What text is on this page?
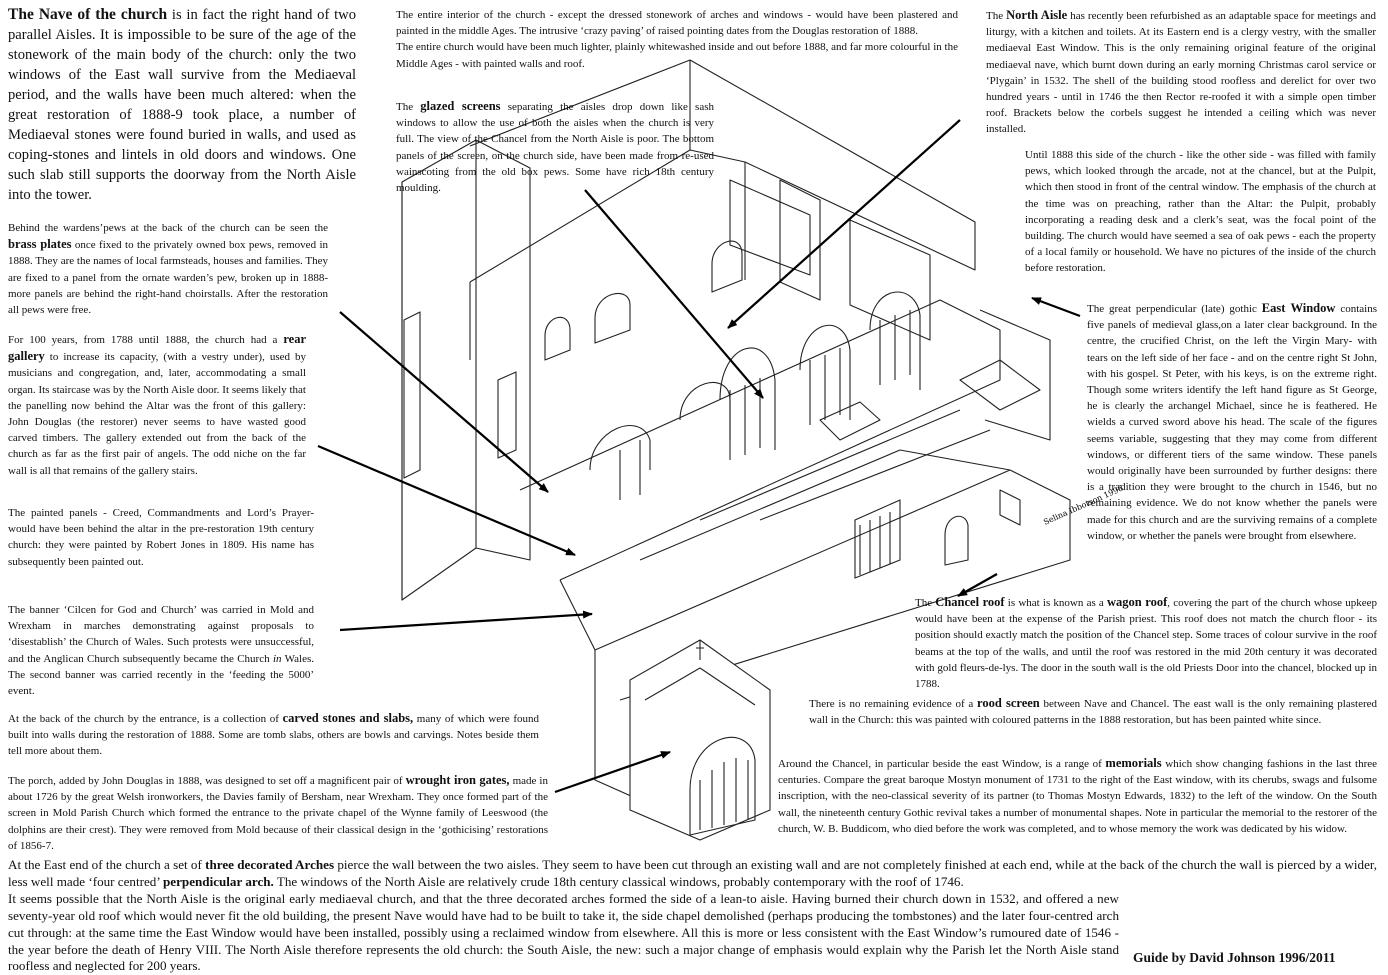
Selina Ibbotson 1996

The Nave of the church is in fact the right hand of two parallel Aisles. It is impossible to be sure of the age of the stonework of the main body of the church: only the two windows of the East wall survive from the Mediaeval period, and the walls have been much altered: when the great restoration of 1888-9 took place, a number of Mediaeval stones were found buried in walls, and used as coping-stones and lintels in old doors and windows. One such slab still supports the doorway from the North Aisle into the tower.

The entire interior of the church - except the dressed stonework of arches and windows - would have been plastered and painted in the middle Ages. The intrusive ‘crazy paving’ of raised pointing dates from the Douglas restoration of 1888.
The entire church would have been much lighter, plainly whitewashed inside and out before 1888, and far more colourful in the Middle Ages - with painted walls and roof.

The North Aisle has recently been refurbished as an adaptable space for meetings and liturgy, with a kitchen and toilets. At its Eastern end is a clergy vestry, with the smaller mediaeval East Window. This is the only remaining original feature of the original mediaeval nave, which burnt down during an early morning Christmas carol service or ‘Plygain’ in 1532. The shell of the building stood roofless and derelict for over two hundred years - until in 1746 the then Rector re-roofed it with a simple open timber roof. Brackets below the corbels suggest he intended a ceiling which was never installed.

The glazed screens separating the aisles drop down like sash windows to allow the use of both the aisles when the church is very full. The view of the Chancel from the North Aisle is poor. The bottom panels of the screen, on the church side, have been made from re-used wainscoting from the old box pews. Some have rich 18th century moulding.

Until 1888 this side of the church - like the other side - was filled with family pews, which looked through the arcade, not at the chancel, but at the Pulpit, which then stood in front of the central window. The emphasis of the church at the time was on preaching, rather than the Altar: the Pulpit, probably incorporating a reading desk and a clerk’s seat, was the focal point of the building. The church would have seemed a sea of oak pews - each the property of a local family or household. We have no pictures of the inside of the church before restoration.

Behind the wardens’pews at the back of the church can be seen the brass plates once fixed to the privately owned box pews, removed in 1888. They are the names of local farmsteads, houses and families. They are fixed to a panel from the ornate warden’s pew, broken up in 1888- more panels are behind the right-hand choirstalls. After the restoration all pews were free.

For 100 years, from 1788 until 1888, the church had a rear gallery to increase its capacity, (with a vestry under), used by musicians and congregation, and, later, accommodating a small organ. Its staircase was by the North Aisle door. It seems likely that the panelling now behind the Altar was the front of this gallery: John Douglas (the restorer) never seems to have wasted good carved timbers. The gallery extended out from the back of the church as far as the first pair of angels. The odd niche on the far wall is all that remains of the gallery stairs.

The great perpendicular (late) gothic East Window contains five panels of medieval glass,on a later clear background. In the centre, the crucified Christ, on the left the Virgin Mary- with tears on the left side of her face - and on the centre right St John, with his gospel. St Peter, with his keys, is on the extreme right. Though some writers identify the left hand figure as St George, he is clearly the archangel Michael, since he is feathered. He wields a curved sword above his head. The scale of the figures seems variable, suggesting that they may come from different windows, or different tiers of the same window. These panels would originally have been surrounded by further designs: there is a tradition they were brought to the church in 1546, but no remaining evidence. We do not know whether the panels were made for this church and are the surviving remains of a complete window, or whether the panels were brought from elsewhere.

The painted panels - Creed, Commandments and Lord’s Prayer- would have been behind the altar in the pre-restoration 19th century church: they were painted by Robert Jones in 1809. His name has subsequently been painted out.

The banner ‘Cilcen for God and Church’ was carried in Mold and Wrexham in marches demonstrating against proposals to ‘disestablish’ the Church of Wales. Such protests were unsuccessful, and the Anglican Church subsequently became the Church in Wales. The second banner was carried recently in the ‘feeding the 5000’ event.

The Chancel roof is what is known as a wagon roof, covering the part of the church whose upkeep would have been at the expense of the Parish priest. This roof does not match the church floor - its position should exactly match the position of the Chancel step. Some traces of colour survive in the roof beams at the top of the walls, and until the roof was restored in the mid 20th century it was decorated with gold fleurs-de-lys. The door in the south wall is the old Priests Door into the chancel, blocked up in 1788.

There is no remaining evidence of a rood screen between Nave and Chancel. The east wall is the only remaining plastered wall in the Church: this was painted with coloured patterns in the 1888 restoration, but has been painted white since.

At the back of the church by the entrance, is a collection of carved stones and slabs, many of which were found built into walls during the restoration of 1888. Some are tomb slabs, others are bowls and carvings. Notes beside them tell more about them.

Around the Chancel, in particular beside the east Window, is a range of memorials which show changing fashions in the last three centuries. Compare the great baroque Mostyn monument of 1731 to the right of the East window, with its cherubs, swags and fulsome inscription, with the neo-classical severity of its partner (to Thomas Mostyn Edwards, 1832) to the left of the window. On the South wall, the nineteenth century Gothic revival takes a number of monumental shapes. Note in particular the memorial to the restorer of the church, W. B. Buddicom, who died before the work was completed, and to whose memory the work was dedicated by his widow.

The porch, added by John Douglas in 1888, was designed to set off a magnificent pair of wrought iron gates, made in about 1726 by the great Welsh ironworkers, the Davies family of Bersham, near Wrexham. They once formed part of the screen in Mold Parish Church which formed the entrance to the private chapel of the Wynne family of Leeswood (the dolphins are their crest). They were removed from Mold because of their classical design in the ‘gothicising’ restorations of 1856-7.

At the East end of the church a set of three decorated Arches pierce the wall between the two aisles. They seem to have been cut through an existing wall and are not completely finished at each end, while at the back of the church the wall is pierced by a wider, less well made ‘four centred’ perpendicular arch. The windows of the North Aisle are relatively crude 18th century classical windows, probably contemporary with the roof of 1746.
It seems possible that the North Aisle is the original early mediaeval church, and that the three decorated arches formed the side of a lean-to aisle. Having burned their church down in 1532, and offered a new seventy-year old roof which would never fit the old building, the present Nave would have had to be built to take it, the side chapel demolished (perhaps producing the tombstones) and the later four-centred arch cut through: at the same time the East Window would have been installed, possibly using a reclaimed window from elsewhere. All this is more or less consistent with the East Window’s rumoured date of 1546 - the year before the death of Henry VIII. The North Aisle therefore represents the old church: the South Aisle, the new: such a major change of emphasis would explain why the Parish let the North Aisle stand roofless and neglected for 200 years.
Guide by David Johnson 1996/2011
